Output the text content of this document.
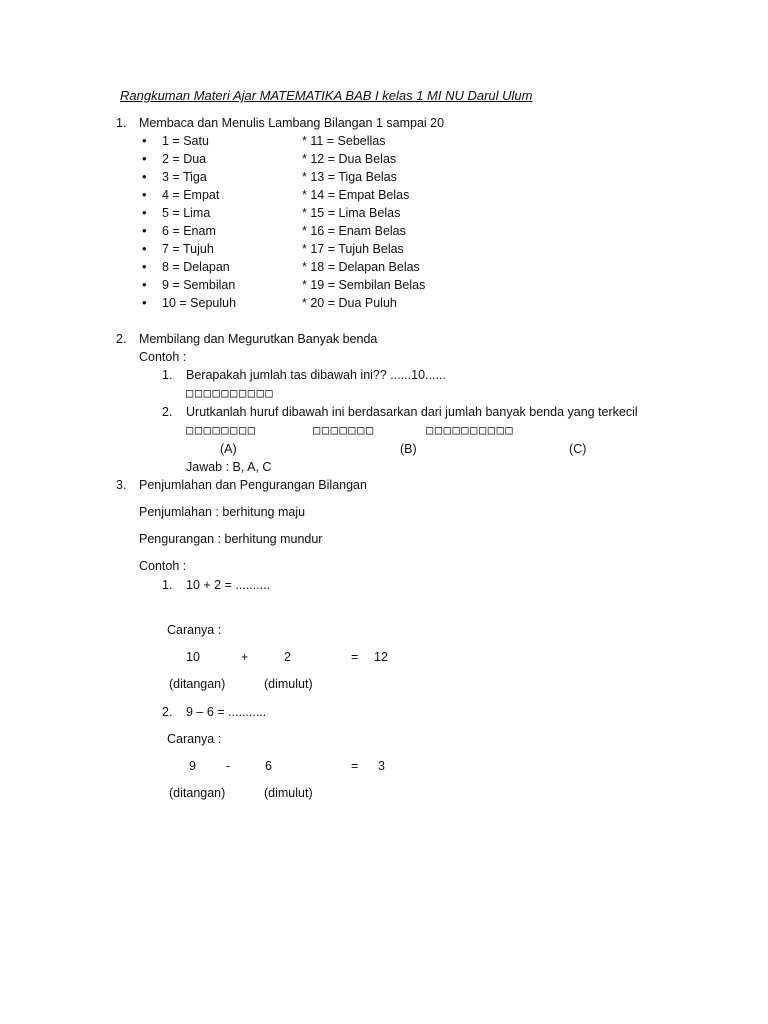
Rangkuman Materi Ajar MATEMATIKA BAB I kelas 1 MI NU Darul Ulum
1. Membaca dan Menulis Lambang Bilangan 1 sampai 20
• 1 = Satu	* 11 = Sebellas
• 2 = Dua	* 12 = Dua Belas
• 3 = Tiga	* 13 = Tiga Belas
• 4 = Empat	* 14 = Empat Belas
• 5 = Lima	* 15 = Lima Belas
• 6 = Enam	* 16 = Enam Belas
• 7 = Tujuh	* 17 = Tujuh Belas
• 8 = Delapan	* 18 = Delapan Belas
• 9 = Sembilan	* 19 = Sembilan Belas
• 10 = Sepuluh	* 20 = Dua Puluh
2. Membilang dan Megurutkan Banyak benda
Contoh :
1. Berapakah jumlah tas dibawah ini?? ......10......
□□□□□□□□□□
2. Urutkanlah huruf dibawah ini berdasarkan dari jumlah banyak benda yang terkecil
□□□□□□□□	□□□□□□□	□□□□□□□□□□
(A)	(B)	(C)
Jawab : B, A, C
3. Penjumlahan dan Pengurangan Bilangan
Penjumlahan : berhitung maju
Pengurangan : berhitung mundur
Contoh :
1. 10 + 2 = ..........
Caranya :
10	+	2	= 12
(ditangan)	(dimulut)
2. 9 – 6 = ...........
Caranya :
9 -	6	= 3
(ditangan)	(dimulut)
